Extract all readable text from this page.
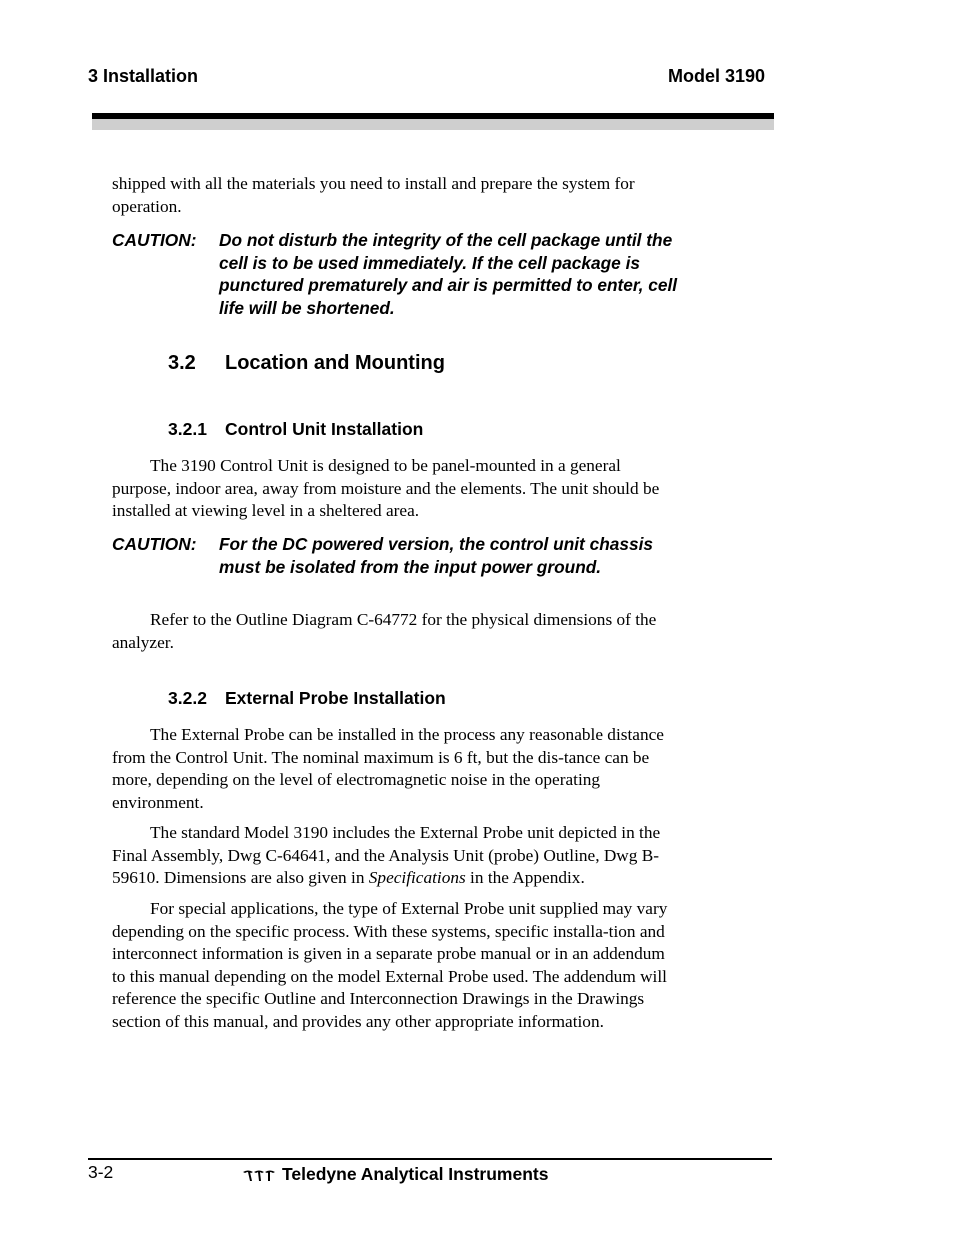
3 Installation	Model 3190

shipped with all the materials you need to install and prepare the system for operation.

CAUTION: Do not disturb the integrity of the cell package until the cell is to be used immediately. If the cell package is punctured prematurely and air is permitted to enter, cell life will be shortened.
3.2 Location and Mounting
3.2.1 Control Unit Installation

The 3190 Control Unit is designed to be panel-mounted in a general purpose, indoor area, away from moisture and the elements. The unit should be installed at viewing level in a sheltered area.

CAUTION: For the DC powered version, the control unit chassis must be isolated from the input power ground.

Refer to the Outline Diagram C-64772 for the physical dimensions of the analyzer.

3.2.2 External Probe Installation

The External Probe can be installed in the process any reasonable distance from the Control Unit. The nominal maximum is 6 ft, but the dis-tance can be more, depending on the level of electromagnetic noise in the operating environment.

The standard Model 3190 includes the External Probe unit depicted in the Final Assembly, Dwg C-64641, and the Analysis Unit (probe) Outline, Dwg B-59610. Dimensions are also given in Specifications in the Appendix.

For special applications, the type of External Probe unit supplied may vary depending on the specific process. With these systems, specific installa-tion and interconnect information is given in a separate probe manual or in an addendum to this manual depending on the model External Probe used. The addendum will reference the specific Outline and Interconnection Drawings in the Drawings section of this manual, and provides any other appropriate information.

3-2	Teledyne Analytical Instruments
